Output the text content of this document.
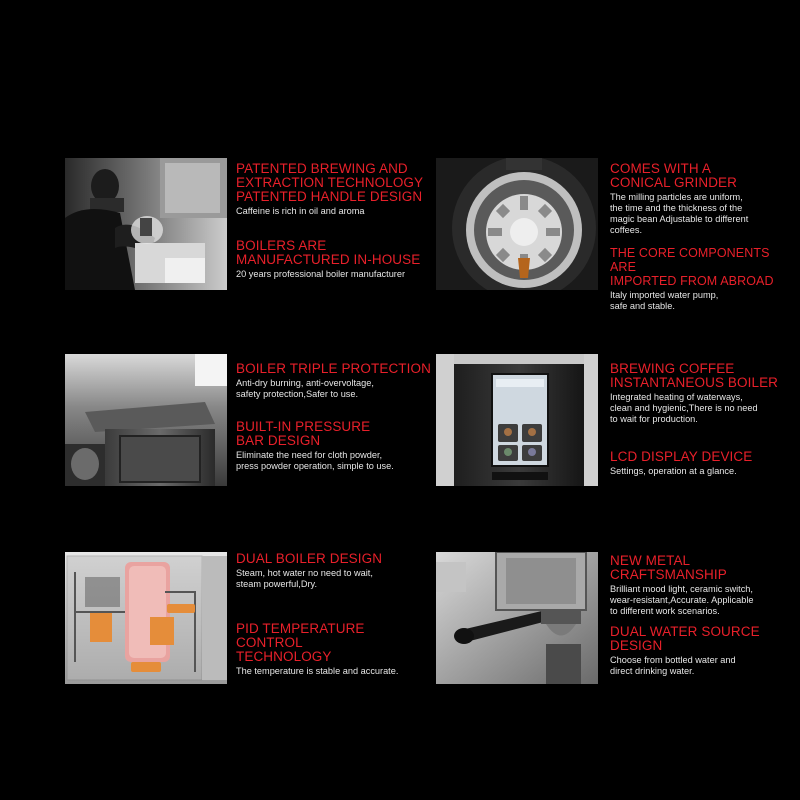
PATENTED BREWING AND
EXTRACTION TECHNOLOGY
PATENTED HANDLE DESIGN

Caffeine is rich in oil and aroma

BOILERS ARE
MANUFACTURED IN-HOUSE

20 years professional boiler manufacturer

COMES WITH A
CONICAL GRINDER

The milling particles are uniform,
the time and the thickness of the
magic bean Adjustable to different
coffees.

THE CORE COMPONENTS ARE
IMPORTED FROM ABROAD

Italy imported water pump,
safe and stable.

BOILER TRIPLE PROTECTION

Anti-dry burning, anti-overvoltage,
safety protection,Safer to use.

BUILT-IN PRESSURE
BAR DESIGN

Eliminate the need for cloth powder,
press powder operation, simple to use.

BREWING COFFEE
INSTANTANEOUS BOILER

Integrated heating of waterways,
clean and hygienic,There is no need
to wait for production.

LCD DISPLAY DEVICE

Settings, operation at a glance.

DUAL BOILER DESIGN

Steam, hot water no need to wait,
steam powerful,Dry.

PID TEMPERATURE CONTROL
TECHNOLOGY

The temperature is stable and accurate.

NEW METAL
CRAFTSMANSHIP

Brilliant mood light, ceramic switch,
wear-resistant,Accurate. Applicable
to different work scenarios.

DUAL WATER SOURCE
DESIGN

Choose from bottled water and
direct drinking water.
